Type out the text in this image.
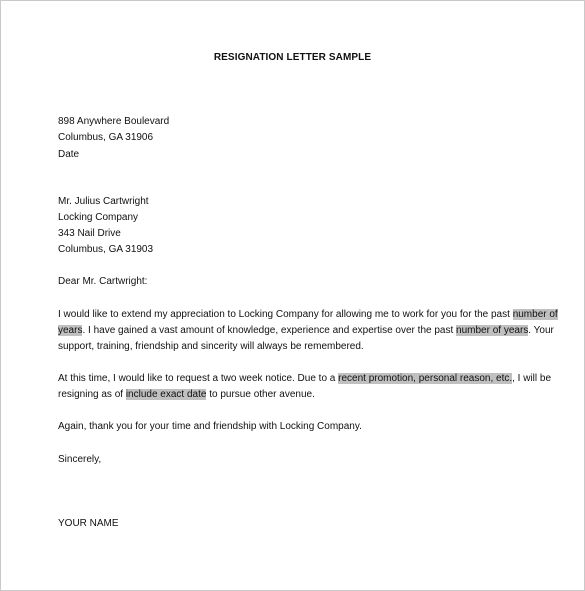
RESIGNATION LETTER SAMPLE
898 Anywhere Boulevard
Columbus, GA 31906
Date
Mr. Julius Cartwright
Locking Company
343 Nail Drive
Columbus, GA 31903
Dear Mr. Cartwright:
I would like to extend my appreciation to Locking Company for allowing me to work for you for the past number of
years. I have gained a vast amount of knowledge, experience and expertise over the past number of years. Your
support, training, friendship and sincerity will always be remembered.
At this time, I would like to request a two week notice. Due to a recent promotion, personal reason, etc., I will be
resigning as of include exact date to pursue other avenue.
Again, thank you for your time and friendship with Locking Company.
Sincerely,
YOUR NAME
